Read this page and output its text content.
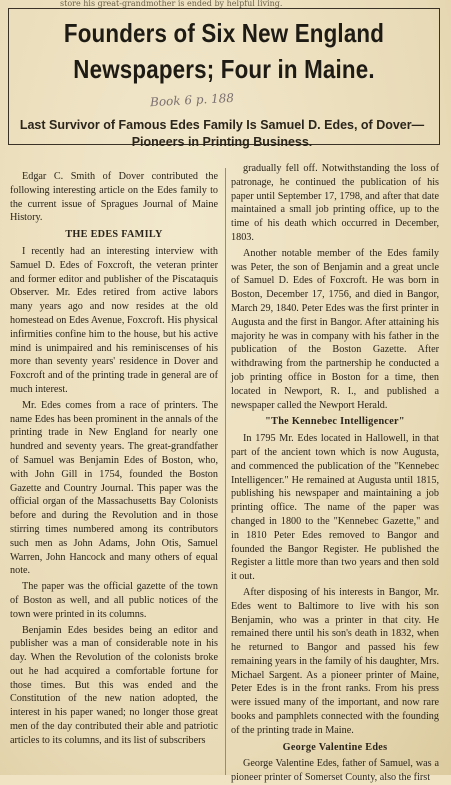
store his great-grandmother is ended by helpful living.
Founders of Six New England
Newspapers; Four in Maine.
Book 6 p. 188
Last Survivor of Famous Edes Family Is Samuel D. Edes, of Dover—Pioneers in Printing Business.

Edgar C. Smith of Dover contributed the following interesting article on the Edes family to the current issue of Spragues Journal of Maine History.

THE EDES FAMILY

I recently had an interesting interview with Samuel D. Edes of Foxcroft, the veteran printer and former editor and publisher of the Piscataquis Observer. Mr. Edes retired from active labors many years ago and now resides at the old homestead on Edes Avenue, Foxcroft. His physical infirmities confine him to the house, but his active mind is unimpaired and his reminiscenses of his more than seventy years' residence in Dover and Foxcroft and of the printing trade in general are of much interest.

Mr. Edes comes from a race of printers. The name Edes has been prominent in the annals of the printing trade in New England for nearly one hundred and seventy years. The great-grandfather of Samuel was Benjamin Edes of Boston, who, with John Gill in 1754, founded the Boston Gazette and Country Journal. This paper was the official organ of the Massachusetts Bay Colonists before and during the Revolution and in those stirring times numbered among its contributors such men as John Adams, John Otis, Samuel Warren, John Hancock and many others of equal note.

The paper was the official gazette of the town of Boston as well, and all public notices of the town were printed in its columns.

Benjamin Edes besides being an editor and publisher was a man of considerable note in his day. When the Revolution of the colonists broke out he had acquired a comfortable fortune for those times. But this was ended and the Constitution of the new nation adopted, the interest in his paper waned; no longer those great men of the day contributed their able and patriotic articles to its columns, and its list of subscribers

gradually fell off. Notwithstanding the loss of patronage, he continued the publication of his paper until September 17, 1798, and after that date maintained a small job printing office, up to the time of his death which occurred in December, 1803.

Another notable member of the Edes family was Peter, the son of Benjamin and a great uncle of Samuel D. Edes of Foxcroft. He was born in Boston, December 17, 1756, and died in Bangor, March 29, 1840. Peter Edes was the first printer in Augusta and the first in Bangor. After attaining his majority he was in company with his father in the publication of the Boston Gazette. After withdrawing from the partnership he conducted a job printing office in Boston for a time, then located in Newport, R. I., and published a newspaper called the Newport Herald.

"The Kennebec Intelligencer"

In 1795 Mr. Edes located in Hallowell, in that part of the ancient town which is now Augusta, and commenced the publication of the "Kennebec Intelligencer." He remained at Augusta until 1815, publishing his newspaper and maintaining a job printing office. The name of the paper was changed in 1800 to the "Kennebec Gazette," and in 1810 Peter Edes removed to Bangor and founded the Bangor Register. He published the Register a little more than two years and then sold it out.

After disposing of his interests in Bangor, Mr. Edes went to Baltimore to live with his son Benjamin, who was a printer in that city. He remained there until his son's death in 1832, when he returned to Bangor and passed his few remaining years in the family of his daughter, Mrs. Michael Sargent. As a pioneer printer of Maine, Peter Edes is in the front ranks. From his press were issued many of the important, and now rare books and pamphlets connected with the founding of the printing trade in Maine.

George Valentine Edes

George Valentine Edes, father of Samuel, was a pioneer printer of Somerset County, also the first
